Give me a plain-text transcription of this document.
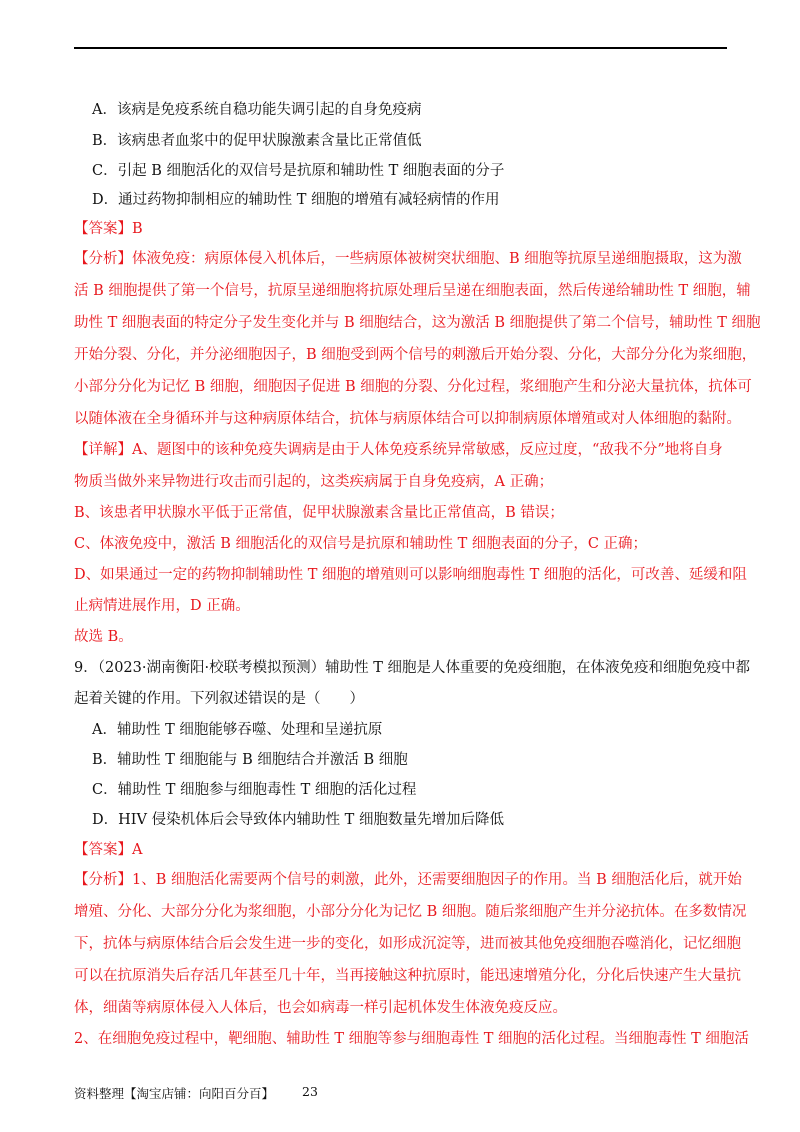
A．该病是免疫系统自稳功能失调引起的自身免疫病
B．该病患者血浆中的促甲状腺激素含量比正常值低
C．引起 B 细胞活化的双信号是抗原和辅助性 T 细胞表面的分子
D．通过药物抑制相应的辅助性 T 细胞的增殖有减轻病情的作用
【答案】B
【分析】体液免疫：病原体侵入机体后，一些病原体被树突状细胞、B 细胞等抗原呈递细胞摄取，这为激
活 B 细胞提供了第一个信号，抗原呈递细胞将抗原处理后呈递在细胞表面，然后传递给辅助性 T 细胞，辅
助性 T 细胞表面的特定分子发生变化并与 B 细胞结合，这为激活 B 细胞提供了第二个信号，辅助性 T 细胞
开始分裂、分化，并分泌细胞因子，B 细胞受到两个信号的刺激后开始分裂、分化，大部分分化为浆细胞，
小部分分化为记忆 B 细胞，细胞因子促进 B 细胞的分裂、分化过程，浆细胞产生和分泌大量抗体，抗体可
以随体液在全身循环并与这种病原体结合，抗体与病原体结合可以抑制病原体增殖或对人体细胞的黏附。
【详解】A、题图中的该种免疫失调病是由于人体免疫系统异常敏感，反应过度，“敌我不分”地将自身
物质当做外来异物进行攻击而引起的，这类疾病属于自身免疫病，A 正确；
B、该患者甲状腺水平低于正常值，促甲状腺激素含量比正常值高，B 错误；
C、体液免疫中，激活 B 细胞活化的双信号是抗原和辅助性 T 细胞表面的分子，C 正确；
D、如果通过一定的药物抑制辅助性 T 细胞的增殖则可以影响细胞毒性 T 细胞的活化，可改善、延缓和阻
止病情进展作用，D 正确。
故选 B。
9．（2023·湖南衡阳·校联考模拟预测）辅助性 T 细胞是人体重要的免疫细胞，在体液免疫和细胞免疫中都
起着关键的作用。下列叙述错误的是（　　）
A．辅助性 T 细胞能够吞噬、处理和呈递抗原
B．辅助性 T 细胞能与 B 细胞结合并激活 B 细胞
C．辅助性 T 细胞参与细胞毒性 T 细胞的活化过程
D．HIV 侵染机体后会导致体内辅助性 T 细胞数量先增加后降低
【答案】A
【分析】1、B 细胞活化需要两个信号的刺激，此外，还需要细胞因子的作用。当 B 细胞活化后，就开始
增殖、分化、大部分分化为浆细胞，小部分分化为记忆 B 细胞。随后浆细胞产生并分泌抗体。在多数情况
下，抗体与病原体结合后会发生进一步的变化，如形成沉淀等，进而被其他免疫细胞吞噬消化，记忆细胞
可以在抗原消失后存活几年甚至几十年，当再接触这种抗原时，能迅速增殖分化，分化后快速产生大量抗
体，细菌等病原体侵入人体后，也会如病毒一样引起机体发生体液免疫反应。
2、在细胞免疫过程中，靶细胞、辅助性 T 细胞等参与细胞毒性 T 细胞的活化过程。当细胞毒性 T 细胞活
资料整理【淘宝店铺：向阳百分百】 23
